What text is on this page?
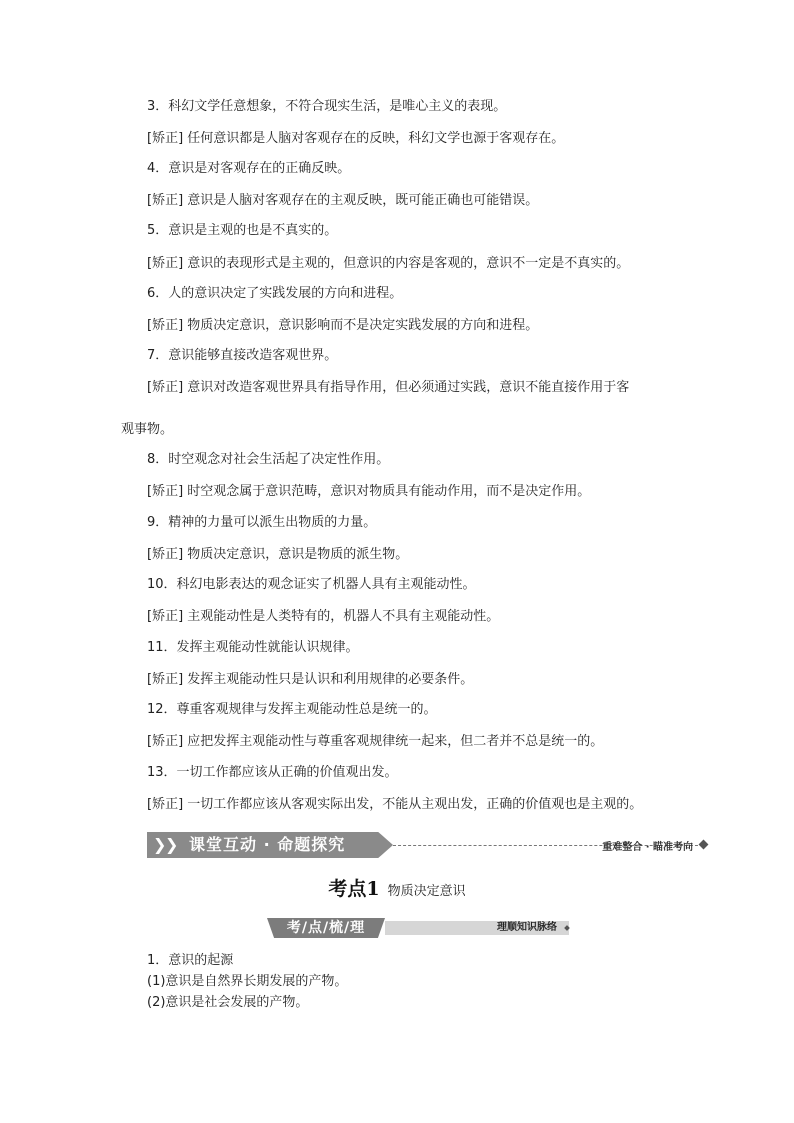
3．科幻文学任意想象，不符合现实生活，是唯心主义的表现。
[矫正] 任何意识都是人脑对客观存在的反映，科幻文学也源于客观存在。
4．意识是对客观存在的正确反映。
[矫正] 意识是人脑对客观存在的主观反映，既可能正确也可能错误。
5．意识是主观的也是不真实的。
[矫正] 意识的表现形式是主观的，但意识的内容是客观的，意识不一定是不真实的。
6．人的意识决定了实践发展的方向和进程。
[矫正] 物质决定意识，意识影响而不是决定实践发展的方向和进程。
7．意识能够直接改造客观世界。
[矫正] 意识对改造客观世界具有指导作用，但必须通过实践，意识不能直接作用于客
观事物。
8．时空观念对社会生活起了决定性作用。
[矫正] 时空观念属于意识范畴，意识对物质具有能动作用，而不是决定作用。
9．精神的力量可以派生出物质的力量。
[矫正] 物质决定意识，意识是物质的派生物。
10．科幻电影表达的观念证实了机器人具有主观能动性。
[矫正] 主观能动性是人类特有的，机器人不具有主观能动性。
11．发挥主观能动性就能认识规律。
[矫正] 发挥主观能动性只是认识和利用规律的必要条件。
12．尊重客观规律与发挥主观能动性总是统一的。
[矫正] 应把发挥主观能动性与尊重客观规律统一起来，但二者并不总是统一的。
13．一切工作都应该从正确的价值观出发。
[矫正] 一切工作都应该从客观实际出发，不能从主观出发，正确的价值观也是主观的。
❯
❯ 课堂互动 · 命题探究	重难整合 · 瞄准考向
考点1 物质决定意识
考/点/梳/理	理顺知识脉络
1．意识的起源
(1)意识是自然界长期发展的产物。
(2)意识是社会发展的产物。
